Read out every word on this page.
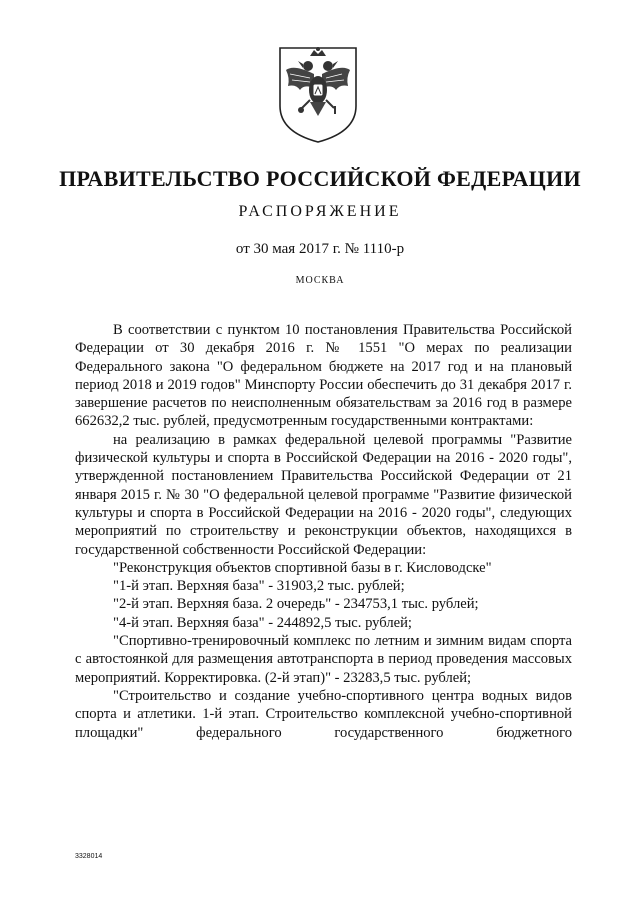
ПРАВИТЕЛЬСТВО РОССИЙСКОЙ ФЕДЕРАЦИИ
РАСПОРЯЖЕНИЕ
от 30 мая 2017 г. № 1110-р
МОСКВА

В соответствии с пунктом 10 постановления Правительства Российской Федерации от 30 декабря 2016 г. № 1551 "О мерах по реализации Федерального закона "О федеральном бюджете на 2017 год и на плановый период 2018 и 2019 годов" Минспорту России обеспечить до 31 декабря 2017 г. завершение расчетов по неисполненным обязательствам за 2016 год в размере 662632,2 тыс. рублей, предусмотренным государственными контрактами:

на реализацию в рамках федеральной целевой программы "Развитие физической культуры и спорта в Российской Федерации на 2016 - 2020 годы", утвержденной постановлением Правительства Российской Федерации от 21 января 2015 г. № 30 "О федеральной целевой программе "Развитие физической культуры и спорта в Российской Федерации на 2016 - 2020 годы", следующих мероприятий по строительству и реконструкции объектов, находящихся в государственной собственности Российской Федерации:

"Реконструкция объектов спортивной базы в г. Кисловодске"

"1-й этап. Верхняя база" - 31903,2 тыс. рублей;

"2-й этап. Верхняя база. 2 очередь" - 234753,1 тыс. рублей;

"4-й этап. Верхняя база" - 244892,5 тыс. рублей;

"Спортивно-тренировочный комплекс по летним и зимним видам спорта с автостоянкой для размещения автотранспорта в период проведения массовых мероприятий. Корректировка. (2-й этап)" - 23283,5 тыс. рублей;

"Строительство и создание учебно-спортивного центра водных видов спорта и атлетики. 1-й этап. Строительство комплексной учебно-спортивной площадки" федерального государственного бюджетного

3328014
